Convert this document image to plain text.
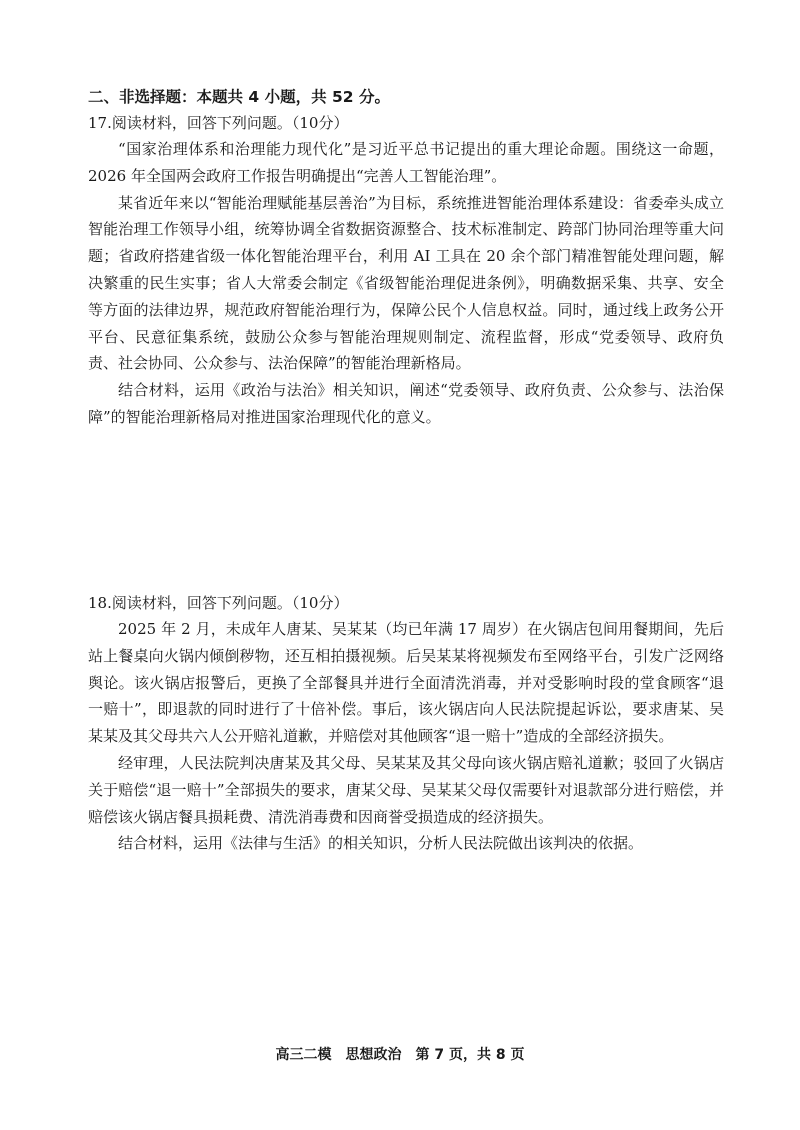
二、非选择题：本题共 4 小题，共 52 分。
17.阅读材料，回答下列问题。（10分）

“国家治理体系和治理能力现代化”是习近平总书记提出的重大理论命题。围绕这一命题，2026 年全国两会政府工作报告明确提出“完善人工智能治理”。

某省近年来以“智能治理赋能基层善治”为目标，系统推进智能治理体系建设：省委牵头成立智能治理工作领导小组，统筹协调全省数据资源整合、技术标准制定、跨部门协同治理等重大问题；省政府搭建省级一体化智能治理平台，利用 AI 工具在 20 余个部门精准智能处理问题，解决繁重的民生实事；省人大常委会制定《省级智能治理促进条例》，明确数据采集、共享、安全等方面的法律边界，规范政府智能治理行为，保障公民个人信息权益。同时，通过线上政务公开平台、民意征集系统，鼓励公众参与智能治理规则制定、流程监督，形成“党委领导、政府负责、社会协同、公众参与、法治保障”的智能治理新格局。

结合材料，运用《政治与法治》相关知识，阐述“党委领导、政府负责、公众参与、法治保障”的智能治理新格局对推进国家治理现代化的意义。

18.阅读材料，回答下列问题。（10分）

2025 年 2 月，未成年人唐某、吴某某（均已年满 17 周岁）在火锅店包间用餐期间，先后站上餐桌向火锅内倾倒秽物，还互相拍摄视频。后吴某某将视频发布至网络平台，引发广泛网络舆论。该火锅店报警后，更换了全部餐具并进行全面清洗消毒，并对受影响时段的堂食顾客“退一赔十”，即退款的同时进行了十倍补偿。事后，该火锅店向人民法院提起诉讼，要求唐某、吴某某及其父母共六人公开赔礼道歉，并赔偿对其他顾客“退一赔十”造成的全部经济损失。

经审理，人民法院判决唐某及其父母、吴某某及其父母向该火锅店赔礼道歉；驳回了火锅店关于赔偿“退一赔十”全部损失的要求，唐某父母、吴某某父母仅需要针对退款部分进行赔偿，并赔偿该火锅店餐具损耗费、清洗消毒费和因商誉受损造成的经济损失。

结合材料，运用《法律与生活》的相关知识，分析人民法院做出该判决的依据。

高三二模　思想政治　第 7 页，共 8 页
